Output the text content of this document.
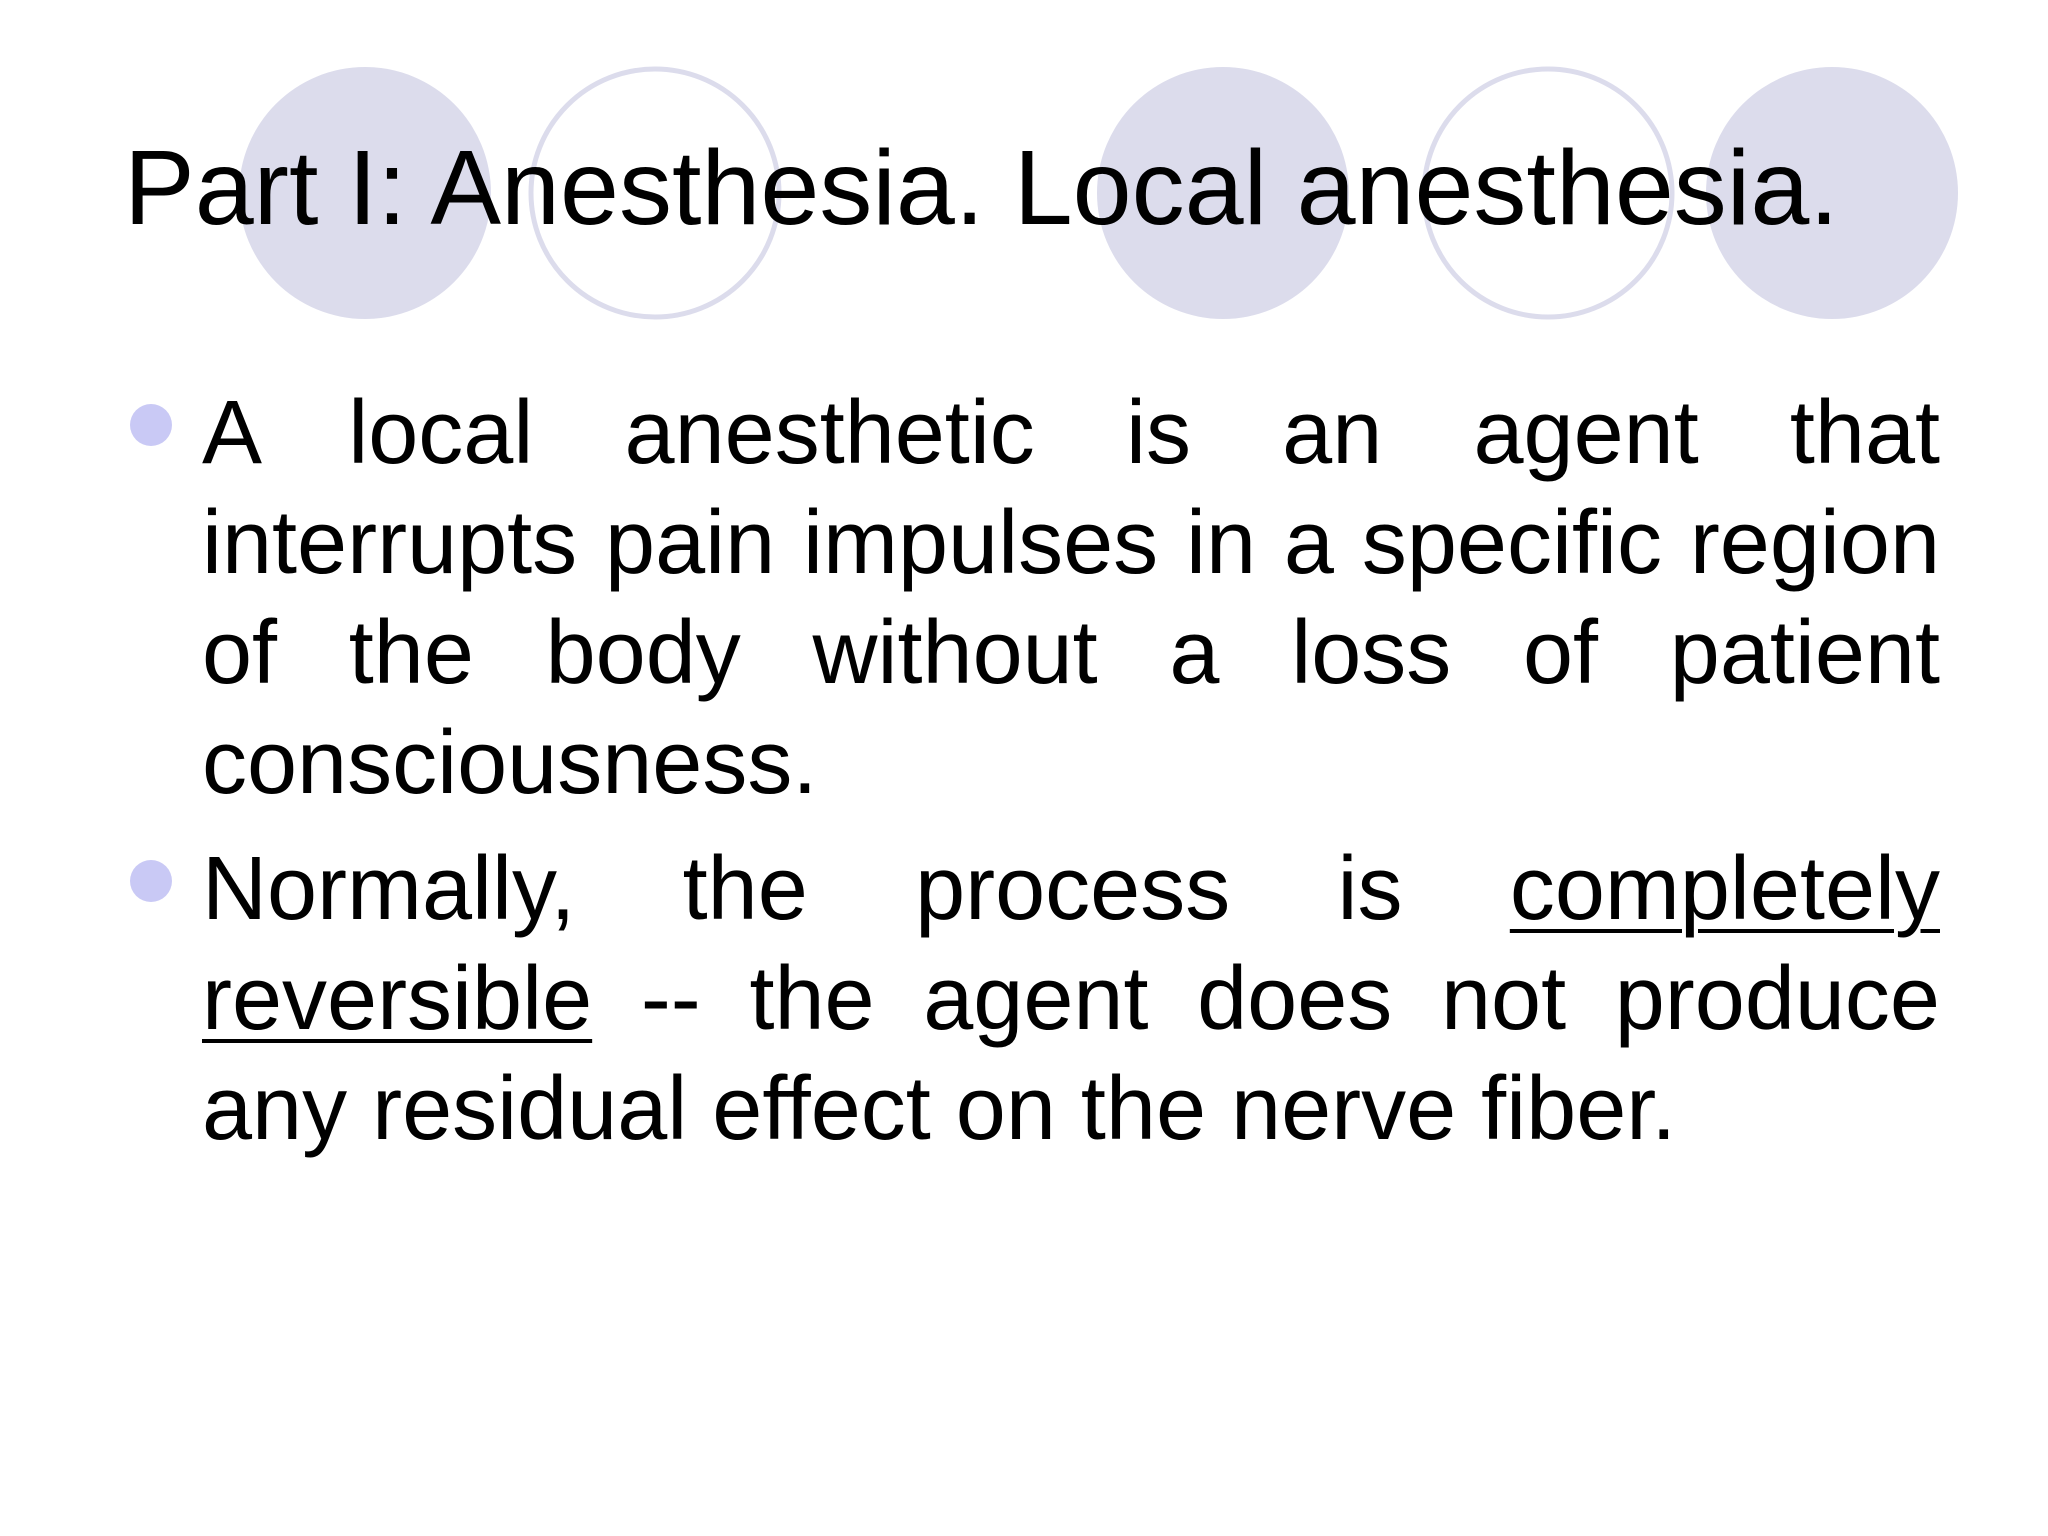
Part I: Anesthesia. Local anesthesia.
A local anesthetic is an agent that interrupts pain impulses in a specific region of the body without a loss of patient consciousness.
Normally, the process is completely reversible -- the agent does not produce any residual effect on the nerve fiber.
